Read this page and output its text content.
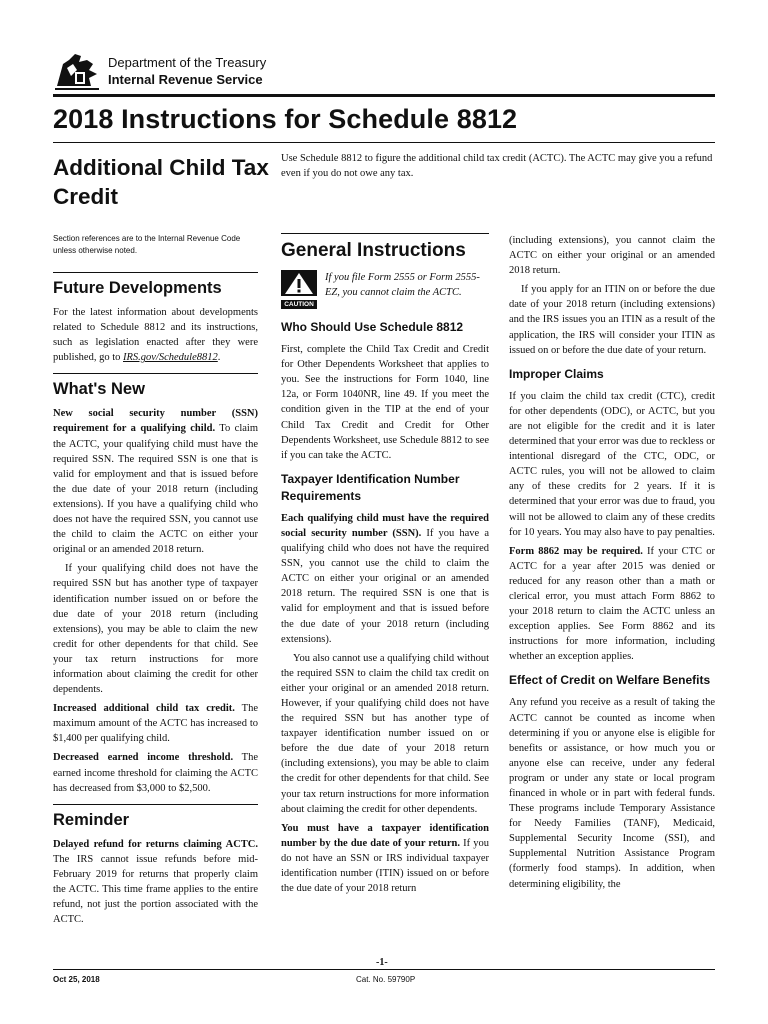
Department of the Treasury
Internal Revenue Service
2018 Instructions for Schedule 8812
Additional Child Tax Credit

Use Schedule 8812 to figure the additional child tax credit (ACTC). The ACTC may give you a refund even if you do not owe any tax.

Section references are to the Internal Revenue Code unless otherwise noted.

Future Developments

For the latest information about developments related to Schedule 8812 and its instructions, such as legislation enacted after they were published, go to IRS.gov/Schedule8812.

What's New

New social security number (SSN) requirement for a qualifying child. To claim the ACTC, your qualifying child must have the required SSN. The required SSN is one that is valid for employment and that is issued before the due date of your 2018 return (including extensions). If you have a qualifying child who does not have the required SSN, you cannot use the child to claim the ACTC on either your original or an amended 2018 return.

If your qualifying child does not have the required SSN but has another type of taxpayer identification number issued on or before the due date of your 2018 return (including extensions), you may be able to claim the new credit for other dependents for that child. See your tax return instructions for more information about claiming the credit for other dependents.

Increased additional child tax credit. The maximum amount of the ACTC has increased to $1,400 per qualifying child.

Decreased earned income threshold. The earned income threshold for claiming the ACTC has decreased from $3,000 to $2,500.

Reminder

Delayed refund for returns claiming ACTC. The IRS cannot issue refunds before mid-February 2019 for returns that properly claim the ACTC. This time frame applies to the entire refund, not just the portion associated with the ACTC.

General Instructions
CAUTION
If you file Form 2555 or Form 2555-EZ, you cannot claim the ACTC.
Who Should Use Schedule 8812

First, complete the Child Tax Credit and Credit for Other Dependents Worksheet that applies to you. See the instructions for Form 1040, line 12a, or Form 1040NR, line 49. If you meet the condition given in the TIP at the end of your Child Tax Credit and Credit for Other Dependents Worksheet, use Schedule 8812 to see if you can take the ACTC.

Taxpayer Identification Number Requirements

Each qualifying child must have the required social security number (SSN). If you have a qualifying child who does not have the required SSN, you cannot use the child to claim the ACTC on either your original or an amended 2018 return. The required SSN is one that is valid for employment and that is issued before the due date of your 2018 return (including extensions).

You also cannot use a qualifying child without the required SSN to claim the child tax credit on either your original or an amended 2018 return. However, if your qualifying child does not have the required SSN but has another type of taxpayer identification number issued on or before the due date of your 2018 return (including extensions), you may be able to claim the credit for other dependents for that child. See your tax return instructions for more information about claiming the credit for other dependents.

You must have a taxpayer identification number by the due date of your return. If you do not have an SSN or IRS individual taxpayer identification number (ITIN) issued on or before the due date of your 2018 return

(including extensions), you cannot claim the ACTC on either your original or an amended 2018 return.

If you apply for an ITIN on or before the due date of your 2018 return (including extensions) and the IRS issues you an ITIN as a result of the application, the IRS will consider your ITIN as issued on or before the due date of your return.

Improper Claims

If you claim the child tax credit (CTC), credit for other dependents (ODC), or ACTC, but you are not eligible for the credit and it is later determined that your error was due to reckless or intentional disregard of the CTC, ODC, or ACTC rules, you will not be allowed to claim any of these credits for 2 years. If it is determined that your error was due to fraud, you will not be allowed to claim any of these credits for 10 years. You may also have to pay penalties.

Form 8862 may be required. If your CTC or ACTC for a year after 2015 was denied or reduced for any reason other than a math or clerical error, you must attach Form 8862 to your 2018 return to claim the ACTC unless an exception applies. See Form 8862 and its instructions for more information, including whether an exception applies.

Effect of Credit on Welfare Benefits

Any refund you receive as a result of taking the ACTC cannot be counted as income when determining if you or anyone else is eligible for benefits or assistance, or how much you or anyone else can receive, under any federal program or under any state or local program financed in whole or in part with federal funds. These programs include Temporary Assistance for Needy Families (TANF), Medicaid, Supplemental Security Income (SSI), and Supplemental Nutrition Assistance Program (formerly food stamps). In addition, when determining eligibility, the

-1-
Oct 25, 2018	Cat. No. 59790P
